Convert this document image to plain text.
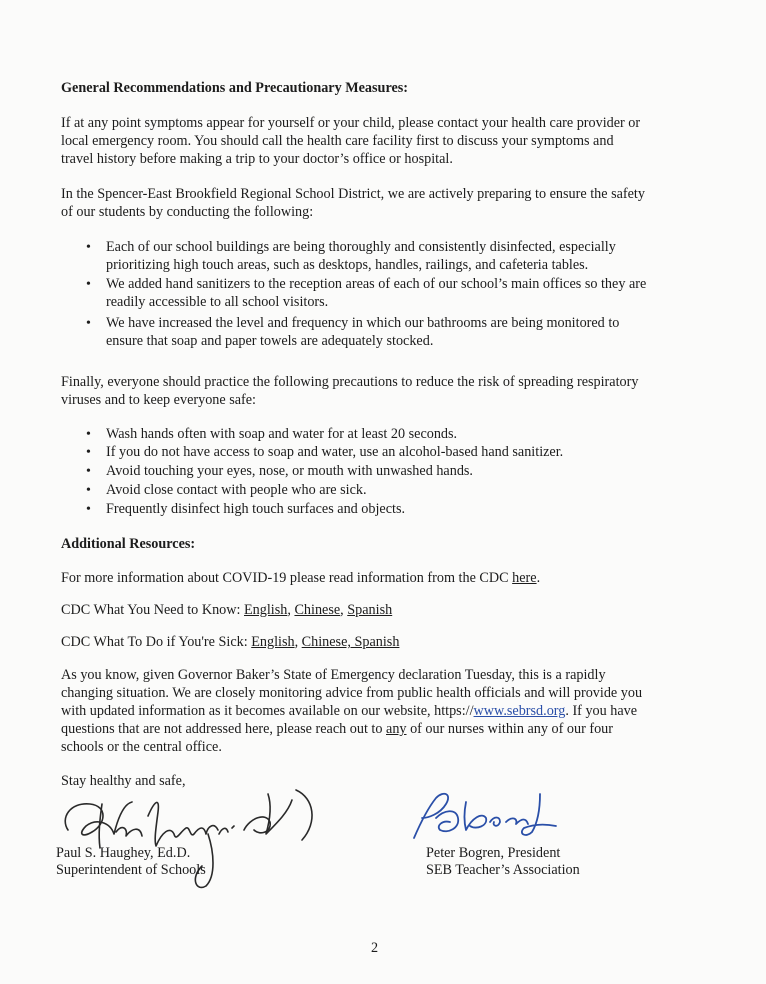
General Recommendations and Precautionary Measures:
If at any point symptoms appear for yourself or your child, please contact your health care provider or
local emergency room. You should call the health care facility first to discuss your symptoms and
travel history before making a trip to your doctor’s office or hospital.
In the Spencer-East Brookfield Regional School District, we are actively preparing to ensure the safety
of our students by conducting the following:
• Each of our school buildings are being thoroughly and consistently disinfected, especially
prioritizing high touch areas, such as desktops, handles, railings, and cafeteria tables.
• We added hand sanitizers to the reception areas of each of our school’s main offices so they are
readily accessible to all school visitors.
• We have increased the level and frequency in which our bathrooms are being monitored to
ensure that soap and paper towels are adequately stocked.
Finally, everyone should practice the following precautions to reduce the risk of spreading respiratory
viruses and to keep everyone safe:
• Wash hands often with soap and water for at least 20 seconds.
• If you do not have access to soap and water, use an alcohol-based hand sanitizer.
• Avoid touching your eyes, nose, or mouth with unwashed hands.
• Avoid close contact with people who are sick.
• Frequently disinfect high touch surfaces and objects.
Additional Resources:
For more information about COVID-19 please read information from the CDC here.
CDC What You Need to Know: English, Chinese, Spanish
CDC What To Do if You're Sick: English, Chinese, Spanish
As you know, given Governor Baker’s State of Emergency declaration Tuesday, this is a rapidly
changing situation. We are closely monitoring advice from public health officials and will provide you
with updated information as it becomes available on our website, https://www.sebrsd.org. If you have
questions that are not addressed here, please reach out to any of our nurses within any of our four
schools or the central office.
Stay healthy and safe,
Paul S. Haughey, Ed.D.
Superintendent of Schools
Peter Bogren, President
SEB Teacher’s Association
2
